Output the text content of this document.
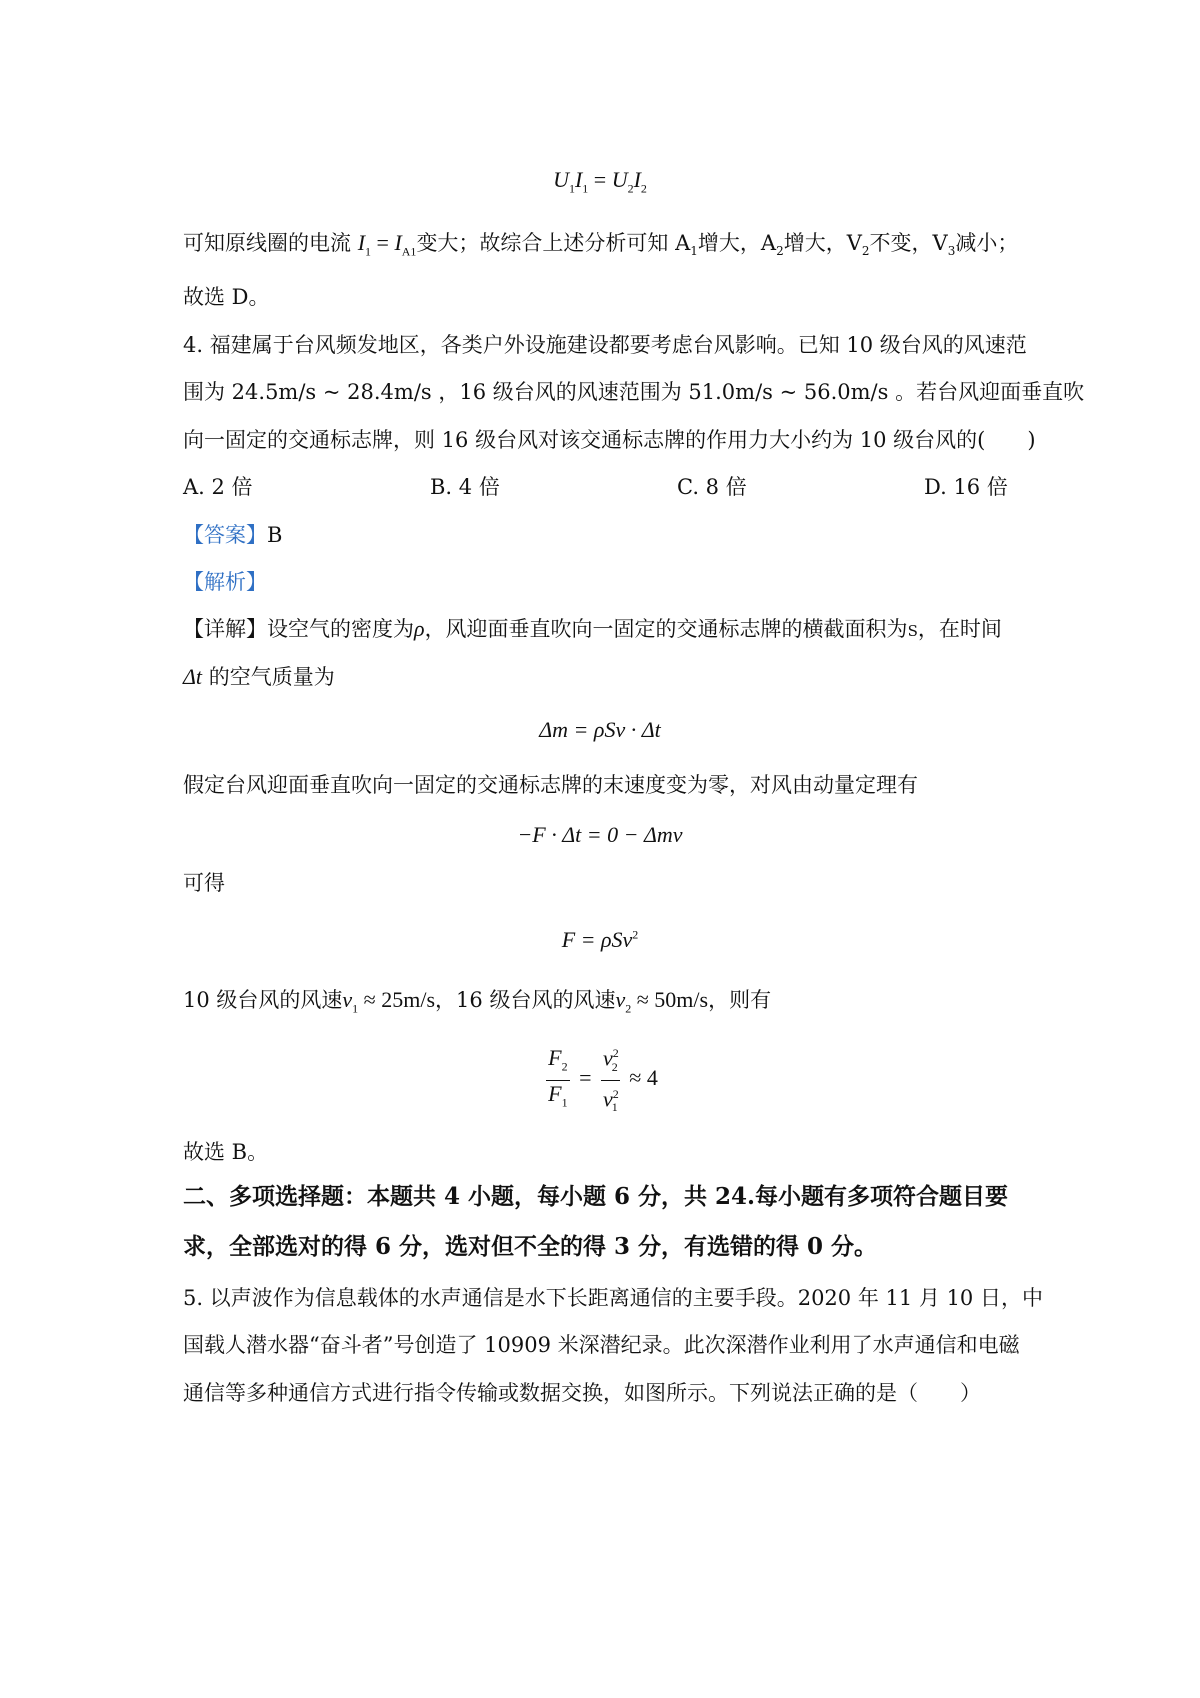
$U_1I_1 = U_2I_2$
可知原线圈的电流 $I_1 = I_{A1}$变大；故综合上述分析可知 $A_1$增大，$A_2$增大，$V_2$不变，$V_3$减小；
故选 D。
4. 福建属于台风频发地区，各类户外设施建设都要考虑台风影响。已知 10 级台风的风速范
围为 24.5m/s ~ 28.4m/s ，16 级台风的风速范围为 51.0m/s ~ 56.0m/s 。若台风迎面垂直吹
向一固定的交通标志牌，则 16 级台风对该交通标志牌的作用力大小约为 10 级台风的(　　)
A. 2 倍	B. 4 倍	C. 8 倍	D. 16 倍
【答案】B
【解析】
【详解】设空气的密度为ρ，风迎面垂直吹向一固定的交通标志牌的横截面积为S，在时间
Δt 的空气质量为
Δm = ρSv · Δt
假定台风迎面垂直吹向一固定的交通标志牌的末速度变为零，对风由动量定理有
−F · Δt = 0 − Δmv
可得
F = ρSv$^2$
10 级台风的风速$v_1 \approx 25m/s$，16 级台风的风速$v_2 \approx 50m/s$，则有
$\frac{F_2}{F_1} = \frac{v^2_2}{v^2_1} \approx 4$
故选 B。
二、多项选择题：本题共 4 小题，每小题 6 分，共 24.每小题有多项符合题目要
求，全部选对的得 6 分，选对但不全的得 3 分，有选错的得 0 分。
5. 以声波作为信息载体的水声通信是水下长距离通信的主要手段。2020 年 11 月 10 日，中
国载人潜水器“奋斗者”号创造了 10909 米深潜纪录。此次深潜作业利用了水声通信和电磁
通信等多种通信方式进行指令传输或数据交换，如图所示。下列说法正确的是（　　）
